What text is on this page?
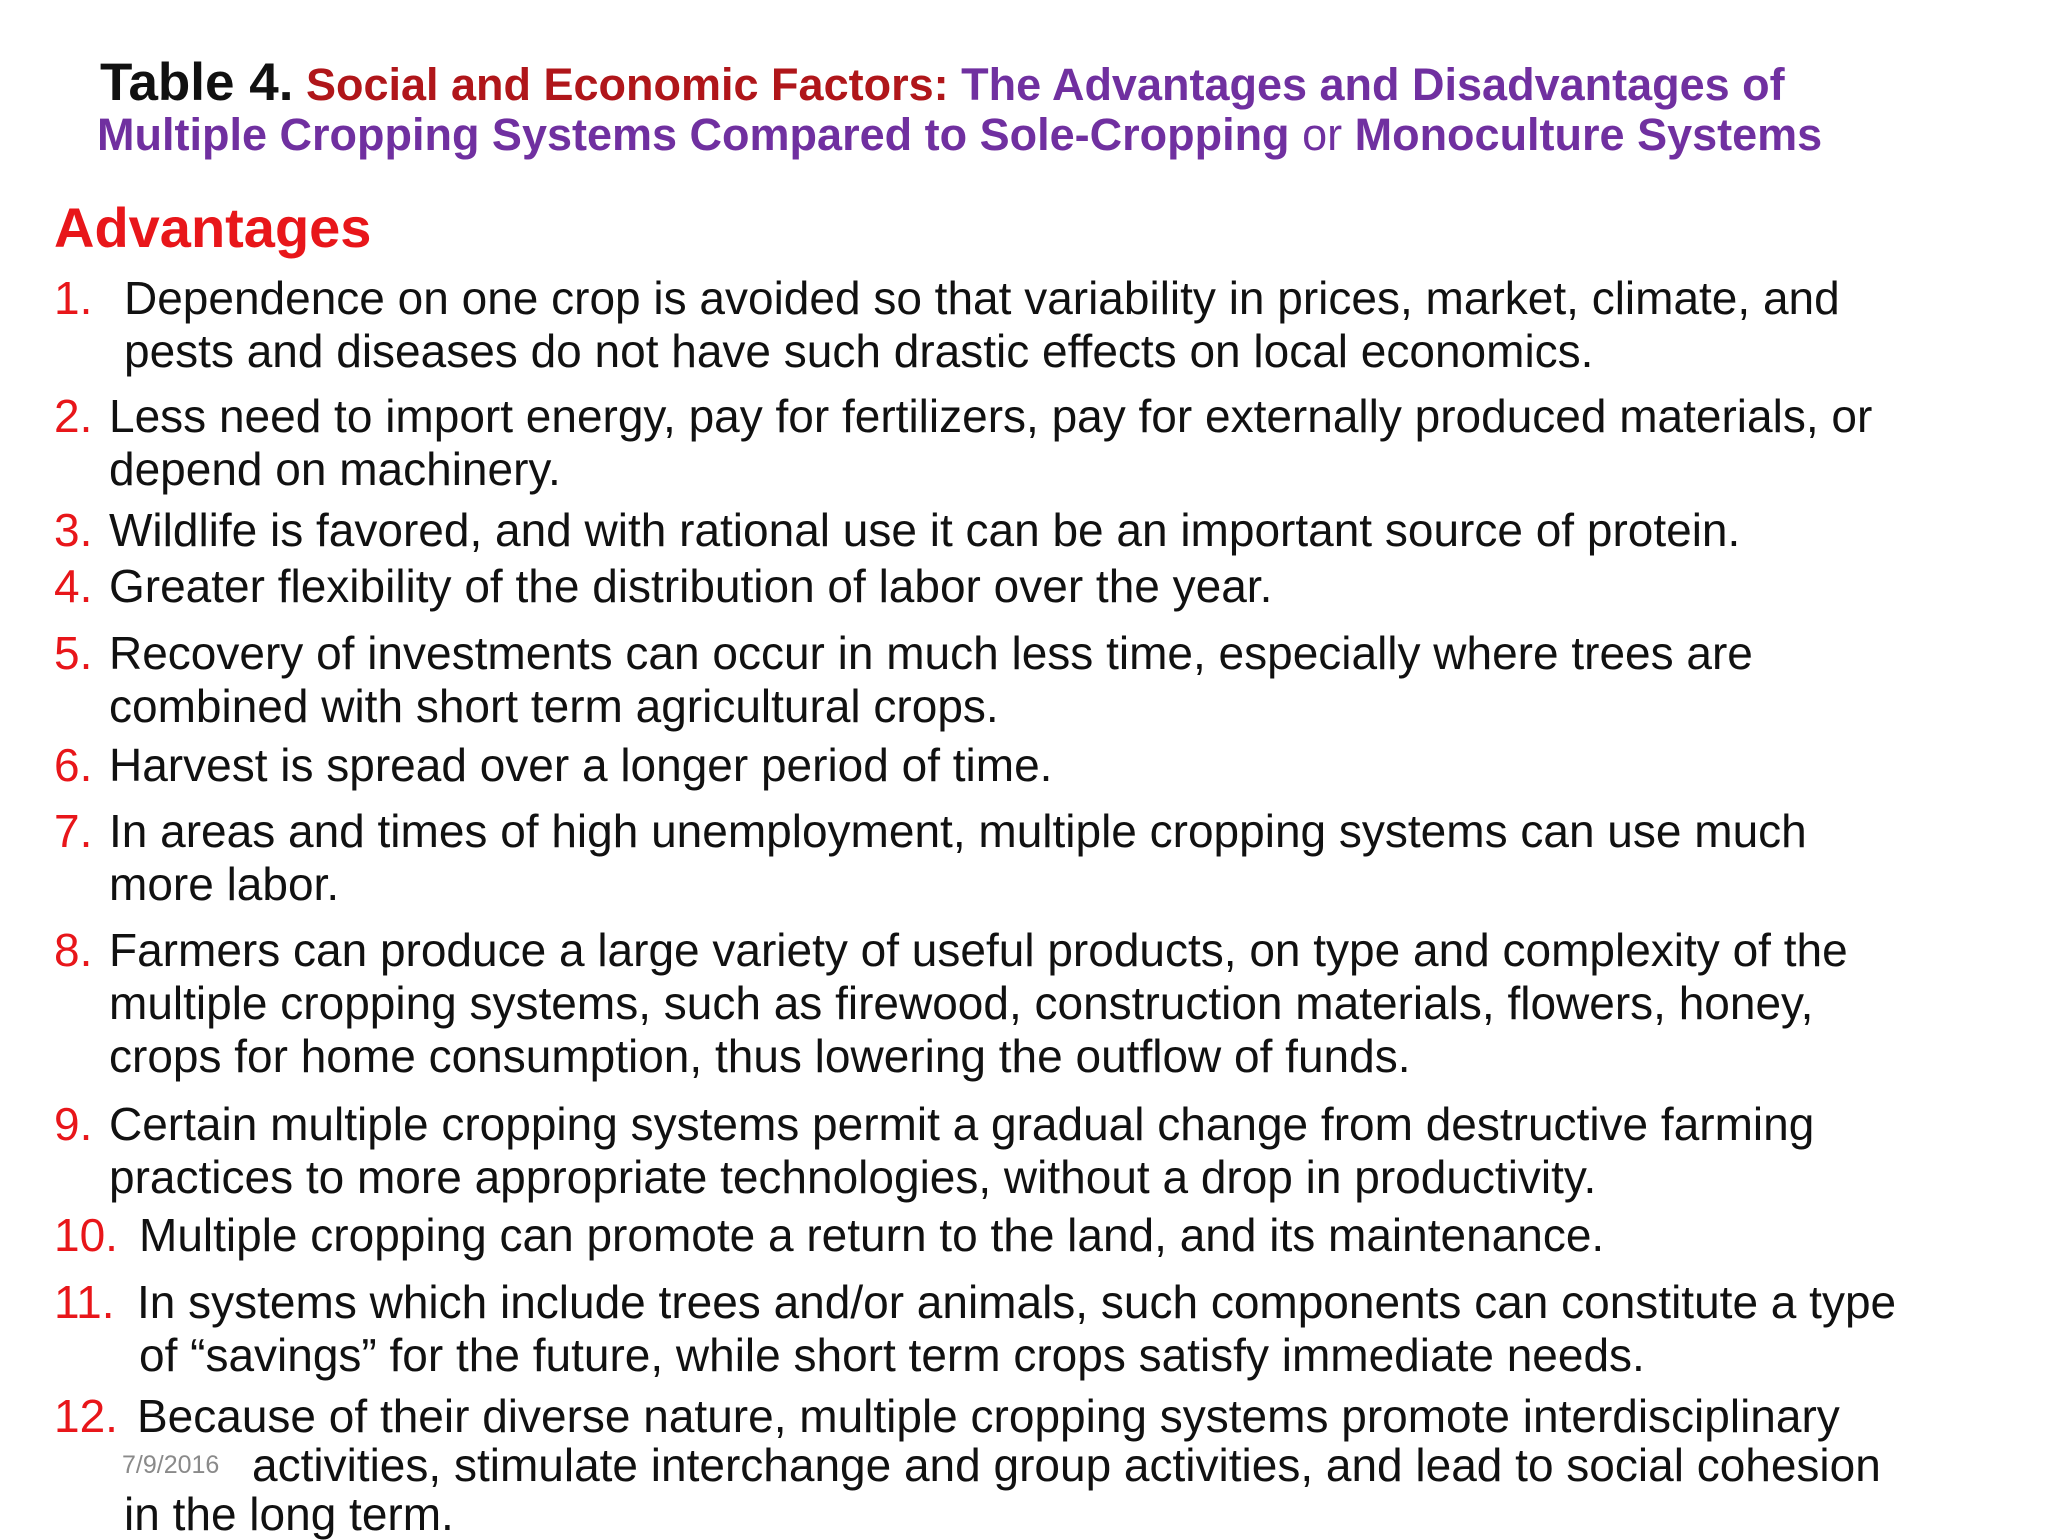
Table 4. Social and Economic Factors: The Advantages and Disadvantages of
Multiple Cropping Systems Compared to Sole-Cropping or Monoculture Systems
Advantages
1. Dependence on one crop is avoided so that variability in prices, market, climate, and
pests and diseases do not have such drastic effects on local economics.
2. Less need to import energy, pay for fertilizers, pay for externally produced materials, or
depend on machinery.
3. Wildlife is favored, and with rational use it can be an important source of protein.
4. Greater flexibility of the distribution of labor over the year.
5. Recovery of investments can occur in much less time, especially where trees are
combined with short term agricultural crops.
6. Harvest is spread over a longer period of time.
7. In areas and times of high unemployment, multiple cropping systems can use much
more labor.
8. Farmers can produce a large variety of useful products, on type and complexity of the
multiple cropping systems, such as firewood, construction materials, flowers, honey,
crops for home consumption, thus lowering the outflow of funds.
9. Certain multiple cropping systems permit a gradual change from destructive farming
practices to more appropriate technologies, without a drop in productivity.
10. Multiple cropping can promote a return to the land, and its maintenance.
11. In systems which include trees and/or animals, such components can constitute a type
of “savings” for the future, while short term crops satisfy immediate needs.
12. Because of their diverse nature, multiple cropping systems promote interdisciplinary
activities, stimulate interchange and group activities, and lead to social cohesion
in the long term.
7/9/2016
